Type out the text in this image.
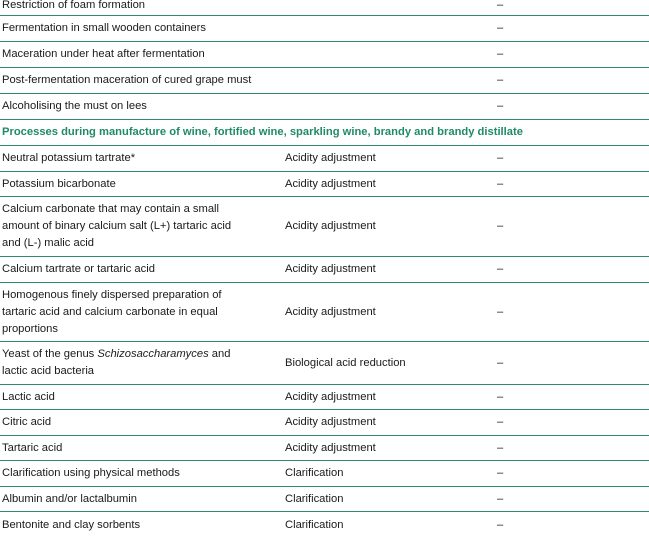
Restriction of foam formation	–
Fermentation in small wooden containers	–
Maceration under heat after fermentation	–
Post-fermentation maceration of cured grape must	–
Alcoholising the must on lees	–
Processes during manufacture of wine, fortified wine, sparkling wine, brandy and brandy distillate
Neutral potassium tartrate*	Acidity adjustment	–
Potassium bicarbonate	Acidity adjustment	–
Calcium carbonate that may contain a small
amount of binary calcium salt (L+) tartaric acid
and (L-) malic acid
Acidity adjustment	–
Calcium tartrate or tartaric acid	Acidity adjustment	–
Homogenous finely dispersed preparation of
tartaric acid and calcium carbonate in equal
proportions
Acidity adjustment	–
Yeast of the genus Schizosaccharamyces and
lactic acid bacteria
Biological acid reduction	–
Lactic acid	Acidity adjustment	–
Citric acid	Acidity adjustment	–
Tartaric acid	Acidity adjustment	–
Clarification using physical methods	Clarification	–
Albumin and/or lactalbumin	Clarification	–
Bentonite and clay sorbents	Clarification	–
